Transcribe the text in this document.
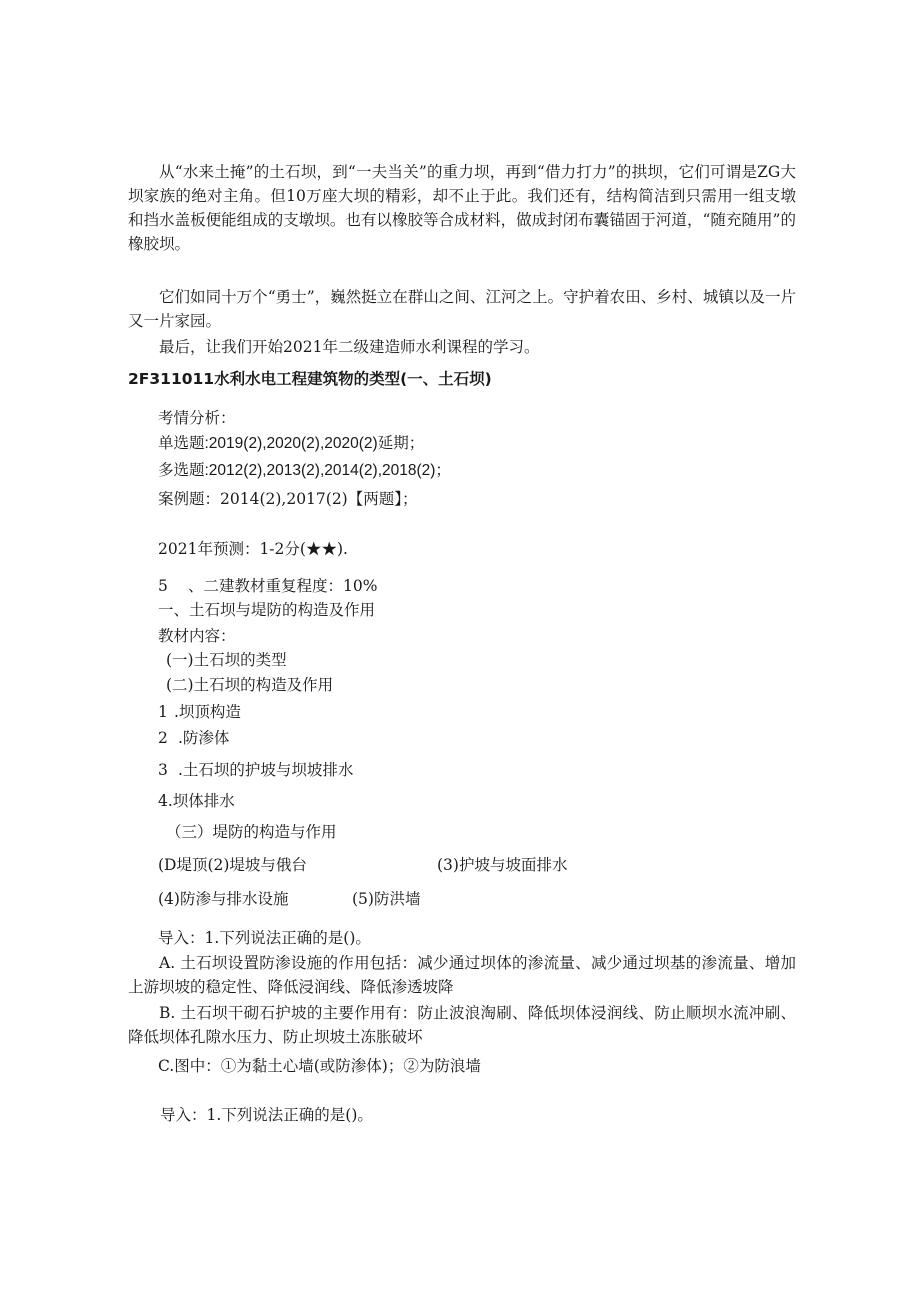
从“水来土掩”的土石坝，到“一夫当关”的重力坝，再到“借力打力”的拱坝，它们可谓是ZG大坝家族的绝对主角。但10万座大坝的精彩，却不止于此。我们还有，结构简洁到只需用一组支墩和挡水盖板便能组成的支墩坝。也有以橡胶等合成材料，做成封闭布囊锚固于河道，“随充随用”的橡胶坝。
它们如同十万个“勇士”，巍然挺立在群山之间、江河之上。守护着农田、乡村、城镇以及一片又一片家园。
最后，让我们开始2021年二级建造师水利课程的学习。
2F311011水利水电工程建筑物的类型(一、土石坝)
考情分析：
单选题:2019(2),2020(2),2020(2)延期；
多选题:2012(2),2013(2),2014(2),2018(2)；
案例题：2014(2),2017(2)【两题】；
2021年预测：1-2分(★★).
5 、二建教材重复程度：10%
一、土石坝与堤防的构造及作用
教材内容：
(一)土石坝的类型
(二)土石坝的构造及作用
1 .坝顶构造
2 .防渗体
3 .土石坝的护坡与坝坡排水
4.坝体排水
（三）堤防的构造与作用
(D堤顶(2)堤坡与俄台	(3)护坡与坡面排水
(4)防渗与排水设施	(5)防洪墙
导入：1.下列说法正确的是()。
A. 土石坝设置防渗设施的作用包括：减少通过坝体的渗流量、减少通过坝基的渗流量、增加上游坝坡的稳定性、降低浸润线、降低渗透坡降
B. 土石坝干砌石护坡的主要作用有：防止波浪淘刷、降低坝体浸润线、防止顺坝水流冲刷、降低坝体孔隙水压力、防止坝坡土冻胀破坏
C.图中：①为黏土心墙(或防渗体)；②为防浪墙
导入：1.下列说法正确的是()。
